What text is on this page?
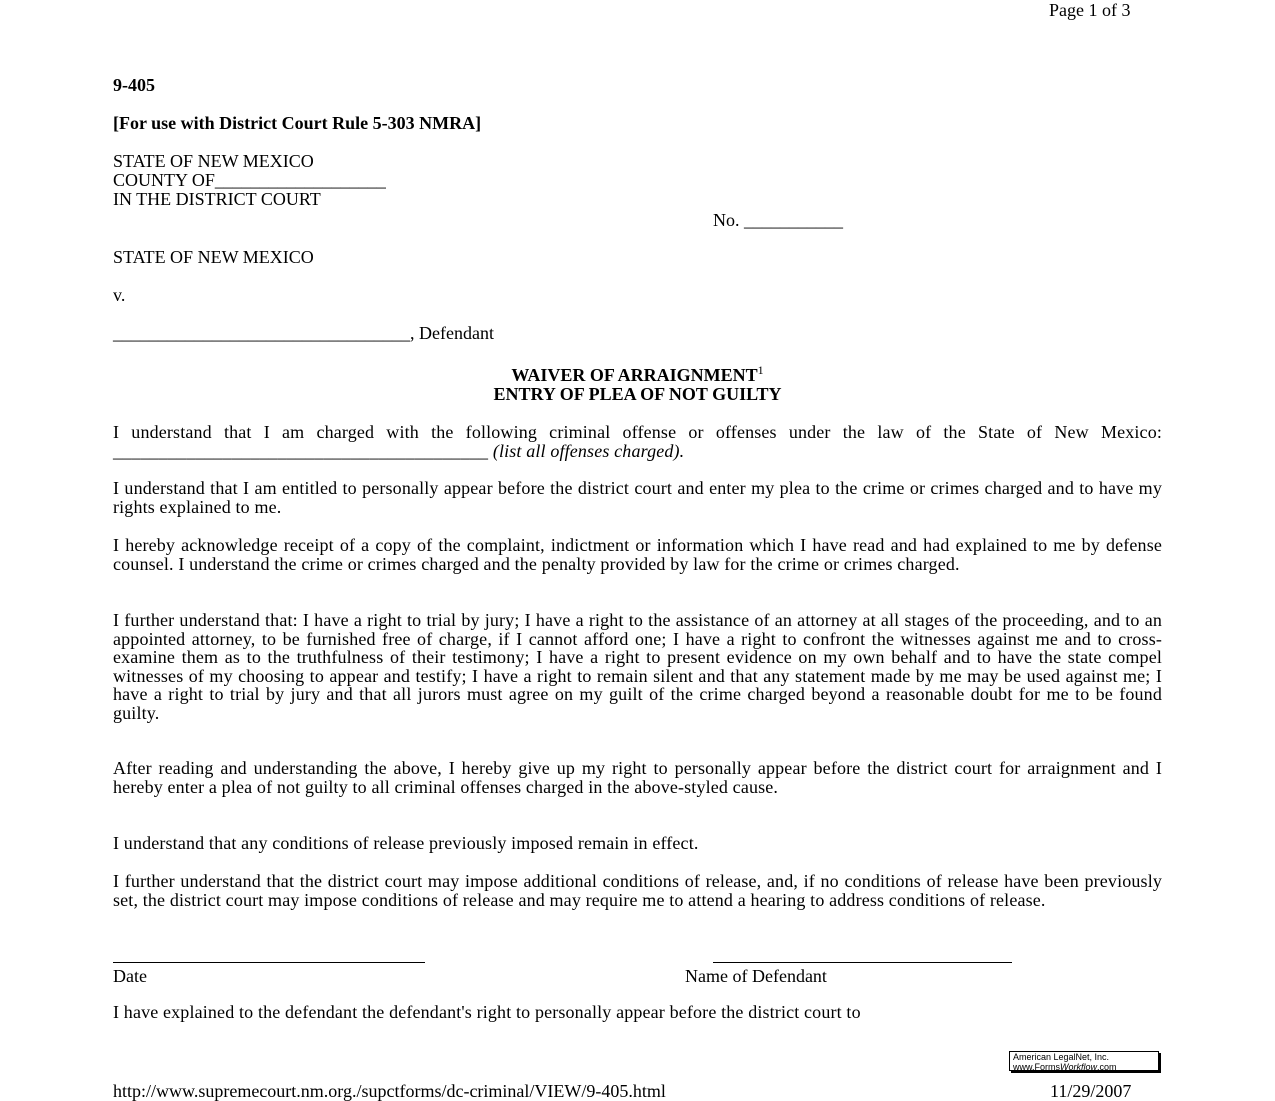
Page 1 of 3
9-405
[For use with District Court Rule 5-303 NMRA]
STATE OF NEW MEXICO
COUNTY OF___________________
IN THE DISTRICT COURT
No. ___________
STATE OF NEW MEXICO
v.
_________________________________, Defendant
WAIVER OF ARRAIGNMENT$^1$
ENTRY OF PLEA OF NOT GUILTY
I understand that I am charged with the following criminal offense or offenses under the law of the State of New Mexico: _________________________________________ (list all offenses charged).
I understand that I am entitled to personally appear before the district court and enter my plea to the crime or crimes charged and to have my rights explained to me.
I hereby acknowledge receipt of a copy of the complaint, indictment or information which I have read and had explained to me by defense counsel. I understand the crime or crimes charged and the penalty provided by law for the crime or crimes charged.
I further understand that: I have a right to trial by jury; I have a right to the assistance of an attorney at all stages of the proceeding, and to an appointed attorney, to be furnished free of charge, if I cannot afford one; I have a right to confront the witnesses against me and to cross-examine them as to the truthfulness of their testimony; I have a right to present evidence on my own behalf and to have the state compel witnesses of my choosing to appear and testify; I have a right to remain silent and that any statement made by me may be used against me; I have a right to trial by jury and that all jurors must agree on my guilt of the crime charged beyond a reasonable doubt for me to be found guilty.
After reading and understanding the above, I hereby give up my right to personally appear before the district court for arraignment and I hereby enter a plea of not guilty to all criminal offenses charged in the above-styled cause.
I understand that any conditions of release previously imposed remain in effect.
I further understand that the district court may impose additional conditions of release, and, if no conditions of release have been previously set, the district court may impose conditions of release and may require me to attend a hearing to address conditions of release.
Date	Name of Defendant
I have explained to the defendant the defendant's right to personally appear before the district court to
American LegalNet, Inc.
www.FormsWorkflow.com
http://www.supremecourt.nm.org./supctforms/dc-criminal/VIEW/9-405.html	11/29/2007
